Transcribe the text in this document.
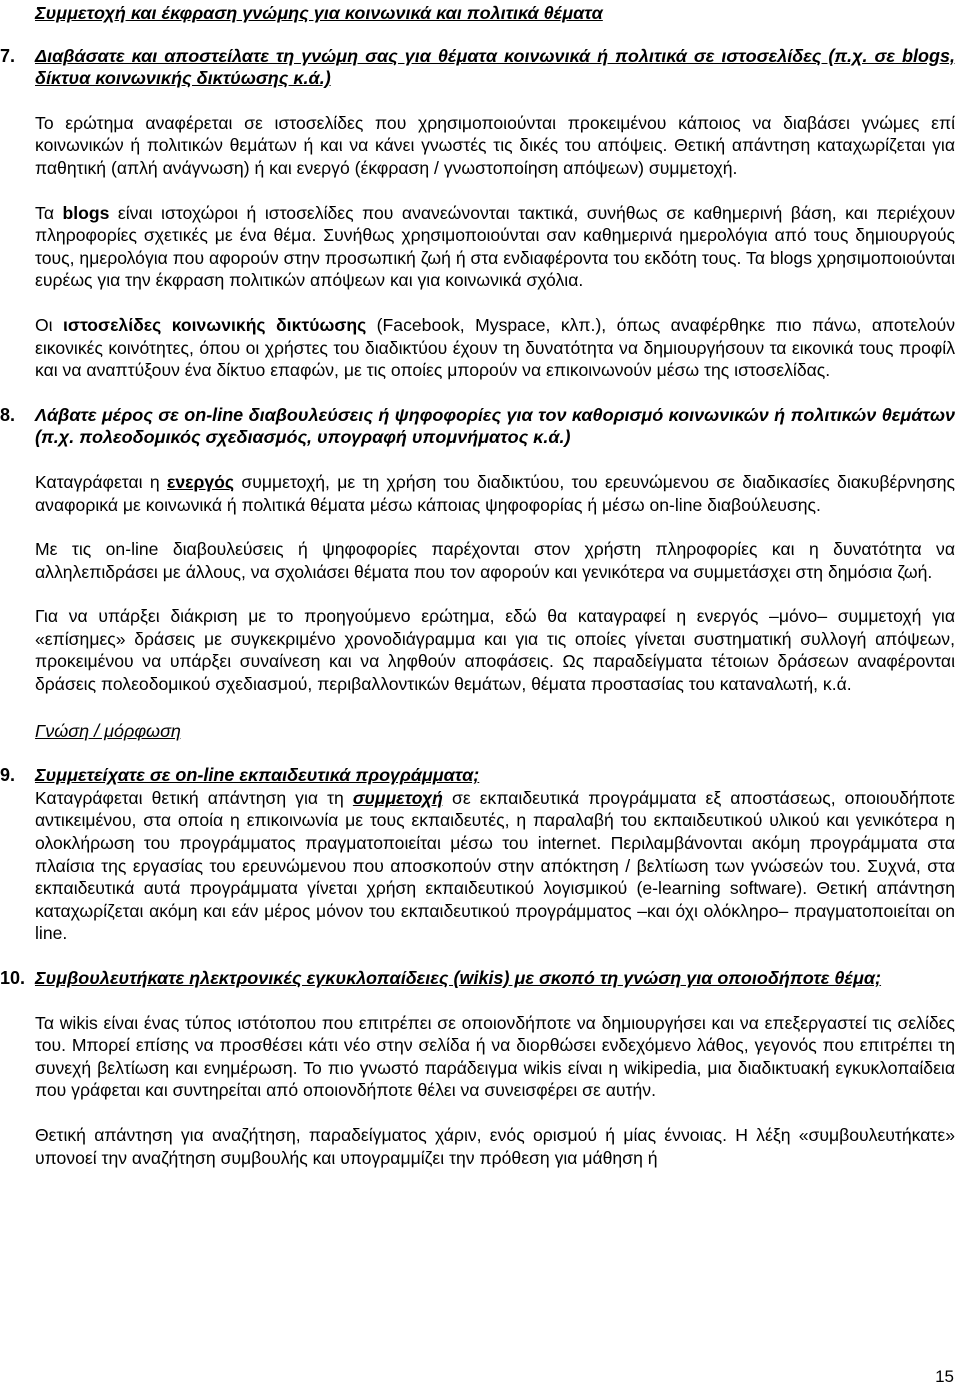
Συμμετοχή και έκφραση γνώμης για κοινωνικά και πολιτικά θέματα
7.	Διαβάσατε και αποστείλατε τη γνώμη σας για θέματα κοινωνικά ή πολιτικά σε ιστοσελίδες (π.χ. σε blogs, δίκτυα κοινωνικής δικτύωσης κ.ά.)

Το ερώτημα αναφέρεται σε ιστοσελίδες που χρησιμοποιούνται προκειμένου κάποιος να διαβάσει γνώμες επί κοινωνικών ή πολιτικών θεμάτων ή και να κάνει γνωστές τις δικές του απόψεις. Θετική απάντηση καταχωρίζεται για παθητική (απλή ανάγνωση) ή και ενεργό (έκφραση / γνωστοποίηση απόψεων) συμμετοχή.

Τα blogs είναι ιστοχώροι ή ιστοσελίδες που ανανεώνονται τακτικά, συνήθως σε καθημερινή βάση, και περιέχουν πληροφορίες σχετικές με ένα θέμα. Συνήθως χρησιμοποιούνται σαν καθημερινά ημερολόγια από τους δημιουργούς τους, ημερολόγια που αφορούν στην προσωπική ζωή ή στα ενδιαφέροντα του εκδότη τους. Τα blogs χρησιμοποιούνται ευρέως για την έκφραση πολιτικών απόψεων και για κοινωνικά σχόλια.

Οι ιστοσελίδες κοινωνικής δικτύωσης (Facebook, Myspace, κλπ.), όπως αναφέρθηκε πιο πάνω, αποτελούν εικονικές κοινότητες, όπου οι χρήστες του διαδικτύου έχουν τη δυνατότητα να δημιουργήσουν τα εικονικά τους προφίλ και να αναπτύξουν ένα δίκτυο επαφών, με τις οποίες μπορούν να επικοινωνούν μέσω της ιστοσελίδας.

8.	Λάβατε μέρος σε on-line διαβουλεύσεις ή ψηφοφορίες για τον καθορισμό κοινωνικών ή πολιτικών θεμάτων (π.χ. πολεοδομικός σχεδιασμός, υπογραφή υπομνήματος κ.ά.)

Καταγράφεται η ενεργός συμμετοχή, με τη χρήση του διαδικτύου, του ερευνώμενου σε διαδικασίες διακυβέρνησης αναφορικά με κοινωνικά ή πολιτικά θέματα μέσω κάποιας ψηφοφορίας ή μέσω on-line διαβούλευσης.

Με τις on-line διαβουλεύσεις ή ψηφοφορίες παρέχονται στον χρήστη πληροφορίες και η δυνατότητα να αλληλεπιδράσει με άλλους, να σχολιάσει θέματα που τον αφορούν και γενικότερα να συμμετάσχει στη δημόσια ζωή.

Για να υπάρξει διάκριση με το προηγούμενο ερώτημα, εδώ θα καταγραφεί η ενεργός –μόνο– συμμετοχή για «επίσημες» δράσεις με συγκεκριμένο χρονοδιάγραμμα και για τις οποίες γίνεται συστηματική συλλογή απόψεων, προκειμένου να υπάρξει συναίνεση και να ληφθούν αποφάσεις. Ως παραδείγματα τέτοιων δράσεων αναφέρονται δράσεις πολεοδομικού σχεδιασμού, περιβαλλοντικών θεμάτων, θέματα προστασίας του καταναλωτή, κ.ά.

Γνώση / μόρφωση
9.	Συμμετείχατε σε on-line εκπαιδευτικά προγράμματα;

Καταγράφεται θετική απάντηση για τη συμμετοχή σε εκπαιδευτικά προγράμματα εξ αποστάσεως, οποιουδήποτε αντικειμένου, στα οποία η επικοινωνία με τους εκπαιδευτές, η παραλαβή του εκπαιδευτικού υλικού και γενικότερα η ολοκλήρωση του προγράμματος πραγματοποιείται μέσω του internet. Περιλαμβάνονται ακόμη προγράμματα στα πλαίσια της εργασίας του ερευνώμενου που αποσκοπούν στην απόκτηση / βελτίωση των γνώσεών του. Συχνά, στα εκπαιδευτικά αυτά προγράμματα γίνεται χρήση εκπαιδευτικού λογισμικού (e-learning software). Θετική απάντηση καταχωρίζεται ακόμη και εάν μέρος μόνον του εκπαιδευτικού προγράμματος –και όχι ολόκληρο– πραγματοποιείται on line.

10. Συμβουλευτήκατε ηλεκτρονικές εγκυκλοπαίδειες (wikis) με σκοπό τη γνώση για οποιοδήποτε θέμα;

Τα wikis είναι ένας τύπος ιστότοπου που επιτρέπει σε οποιονδήποτε να δημιουργήσει και να επεξεργαστεί τις σελίδες του. Μπορεί επίσης να προσθέσει κάτι νέο στην σελίδα ή να διορθώσει ενδεχόμενο λάθος, γεγονός που επιτρέπει τη συνεχή βελτίωση και ενημέρωση. Το πιο γνωστό παράδειγμα wikis είναι η wikipedia, μια διαδικτυακή εγκυκλοπαίδεια που γράφεται και συντηρείται από οποιονδήποτε θέλει να συνεισφέρει σε αυτήν.

Θετική απάντηση για αναζήτηση, παραδείγματος χάριν, ενός ορισμού ή μίας έννοιας. Η λέξη «συμβουλευτήκατε» υπονοεί την αναζήτηση συμβουλής και υπογραμμίζει την πρόθεση για μάθηση ή

15
